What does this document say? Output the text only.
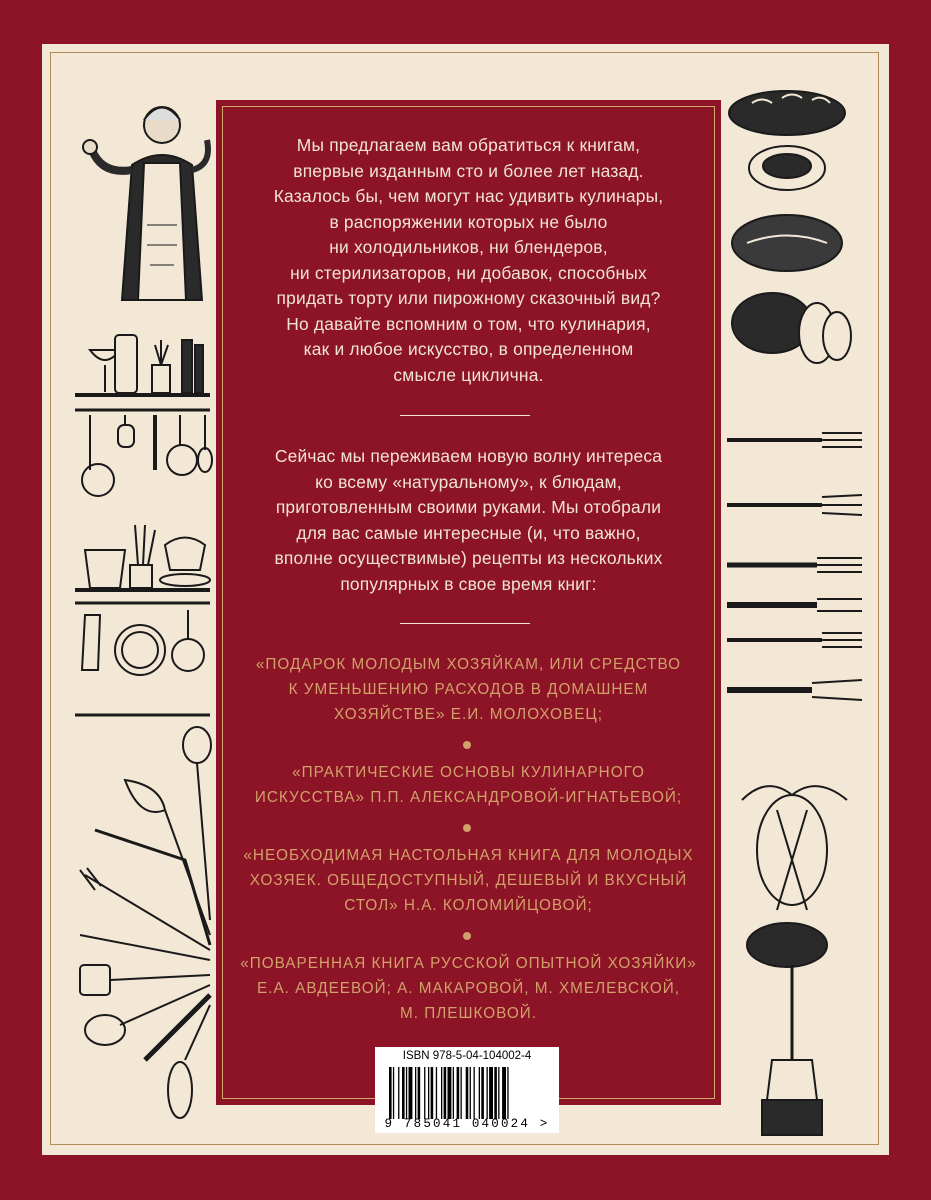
Мы предлагаем вам обратиться к книгам,
впервые изданным сто и более лет назад.
Казалось бы, чем могут нас удивить кулинары,
в распоряжении которых не было
ни холодильников, ни блендеров,
ни стерилизаторов, ни добавок, способных
придать торту или пирожному сказочный вид?
Но давайте вспомним о том, что кулинария,
как и любое искусство, в определенном
смысле циклична.
Сейчас мы переживаем новую волну интереса
ко всему «натуральному», к блюдам,
приготовленным своими руками. Мы отобрали
для вас самые интересные (и, что важно,
вполне осуществимые) рецепты из нескольких
популярных в свое время книг:
«ПОДАРОК МОЛОДЫМ ХОЗЯЙКАМ, ИЛИ СРЕДСТВО
К УМЕНЬШЕНИЮ РАСХОДОВ В ДОМАШНЕМ
ХОЗЯЙСТВЕ» Е.И. МОЛОХОВЕЦ;
«ПРАКТИЧЕСКИЕ ОСНОВЫ КУЛИНАРНОГО
ИСКУССТВА» П.П. АЛЕКСАНДРОВОЙ-ИГНАТЬЕВОЙ;
«НЕОБХОДИМАЯ НАСТОЛЬНАЯ КНИГА ДЛЯ МОЛОДЫХ
ХОЗЯЕК. ОБЩЕДОСТУПНЫЙ, ДЕШЕВЫЙ И ВКУСНЫЙ
СТОЛ» Н.А. КОЛОМИЙЦОВОЙ;
«ПОВАРЕННАЯ КНИГА РУССКОЙ ОПЫТНОЙ ХОЗЯЙКИ»
Е.А. АВДЕЕВОЙ; А. МАКАРОВОЙ, М. ХМЕЛЕВСКОЙ,
М. ПЛЕШКОВОЙ.
ISBN 978-5-04-104002-4
9 785041 040024 >
